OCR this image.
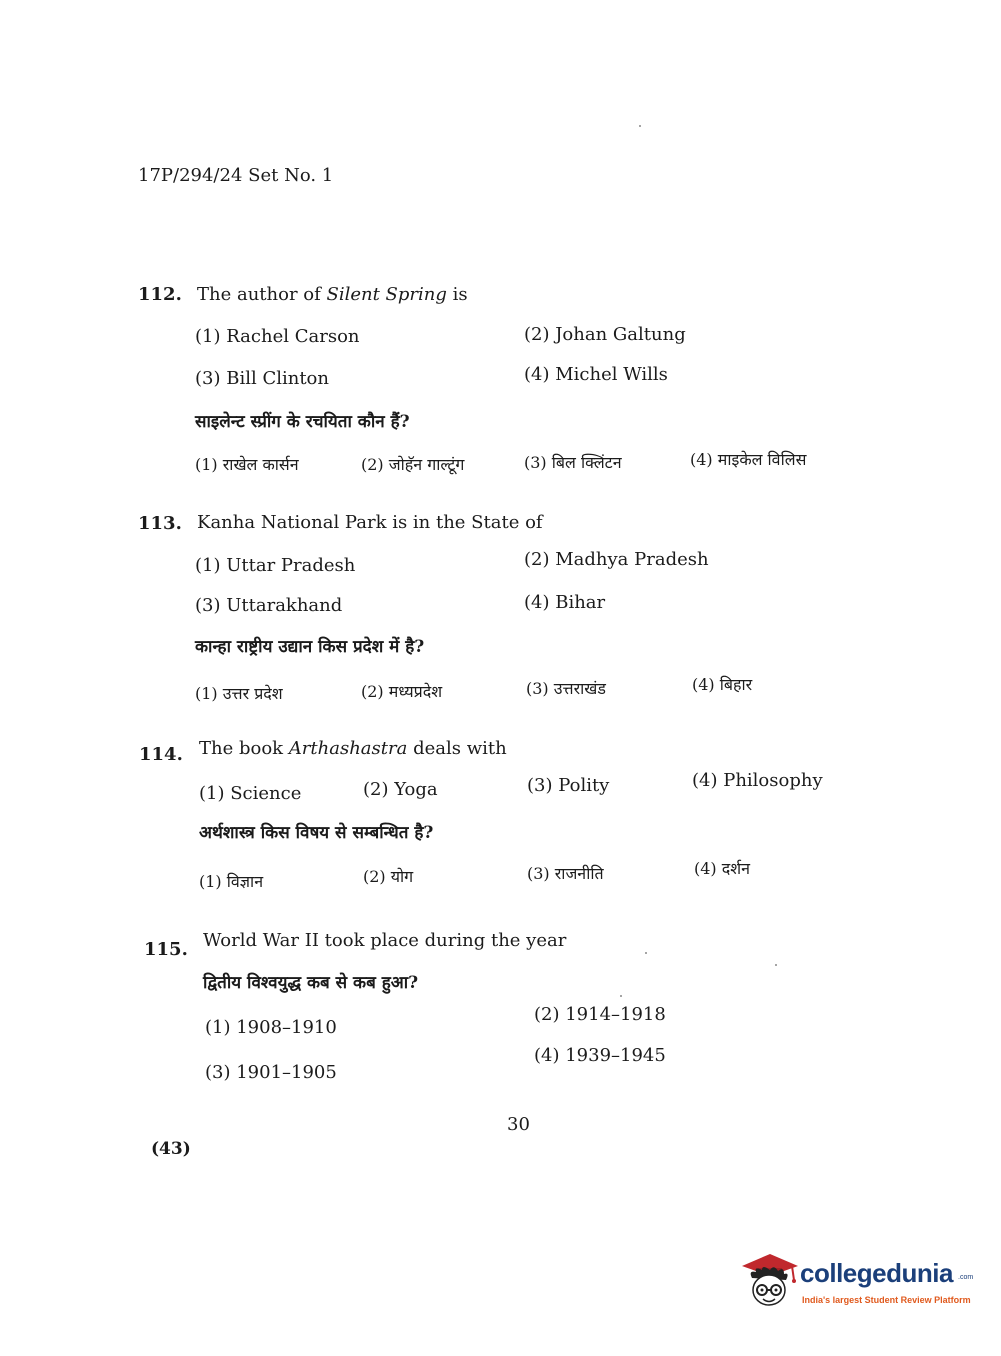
17P/294/24 Set No. 1
112. The author of Silent Spring is
(1) Rachel Carson	(2) Johan Galtung
(3) Bill Clinton	(4) Michel Wills
साइलेन्ट स्प्रींग के रचयिता कौन हैं?
(1) राखेल कार्सन	(2) जोहॅन गाल्टूंग	(3) बिल क्लिंटन	(4) माइकेल विलिस
113. Kanha National Park is in the State of
(1) Uttar Pradesh	(2) Madhya Pradesh
(3) Uttarakhand	(4) Bihar
कान्हा राष्ट्रीय उद्यान किस प्रदेश में है?
(1) उत्तर प्रदेश	(2) मध्यप्रदेश	(3) उत्तराखंड	(4) बिहार
114. The book Arthashastra deals with
(1) Science	(2) Yoga	(3) Polity	(4) Philosophy
अर्थशास्त्र किस विषय से सम्बन्धित है?
(1) विज्ञान	(2) योग	(3) राजनीति	(4) दर्शन
115. World War II took place during the year
द्वितीय विश्वयुद्ध कब से कब हुआ?
(1) 1908–1910
(2) 1914–1918
(3) 1901–1905
(4) 1939–1945
30
(43)
collegedunia .com
India's largest Student Review Platform
